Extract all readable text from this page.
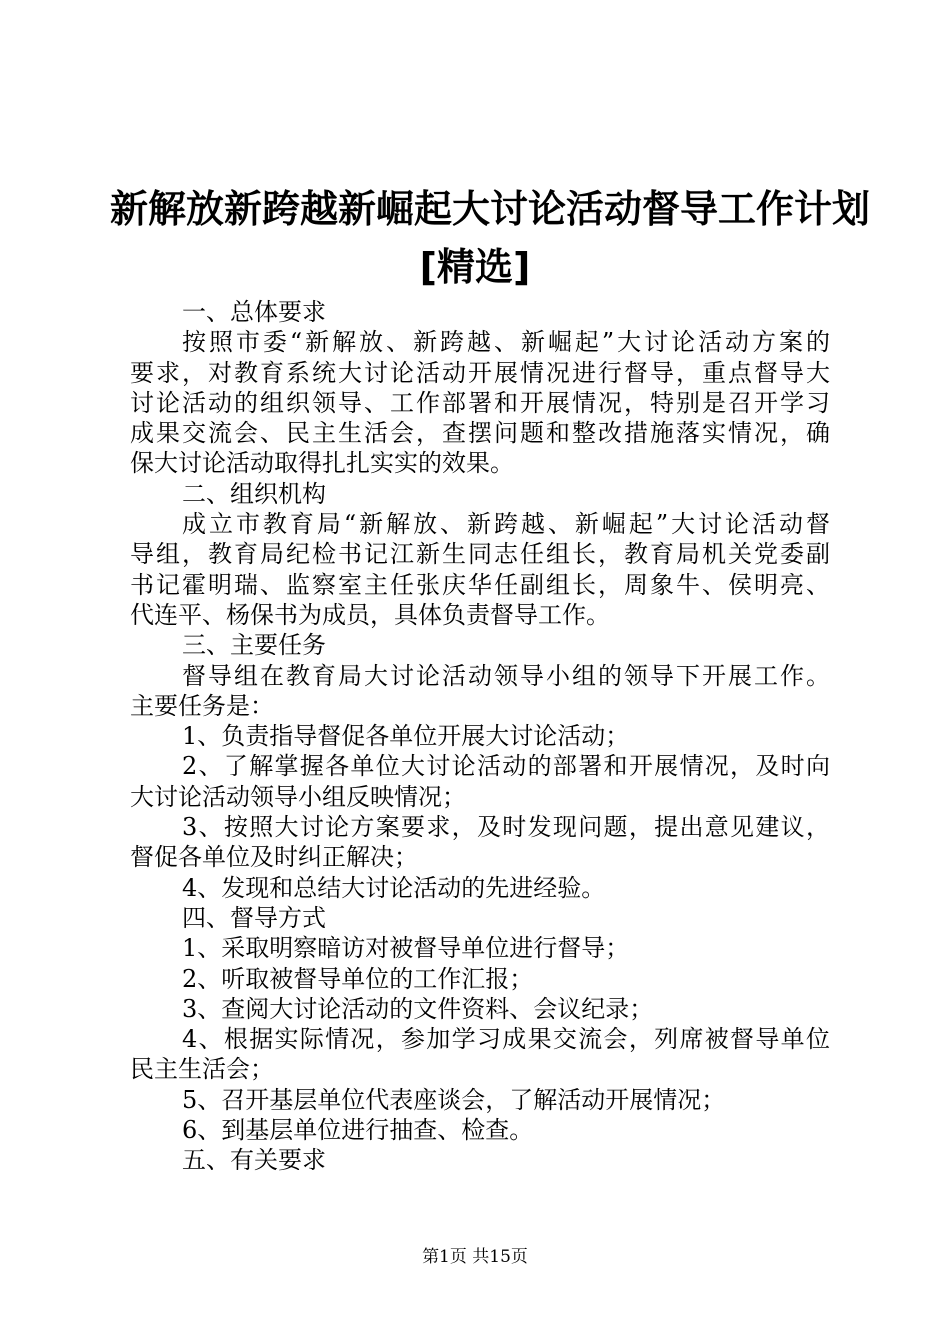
新解放新跨越新崛起大讨论活动督导工作计划
[精选]
一、总体要求
按照市委“新解放、新跨越、新崛起”大讨论活动方案的
要求，对教育系统大讨论活动开展情况进行督导，重点督导大
讨论活动的组织领导、工作部署和开展情况，特别是召开学习
成果交流会、民主生活会，查摆问题和整改措施落实情况，确
保大讨论活动取得扎扎实实的效果。
二、组织机构
成立市教育局“新解放、新跨越、新崛起”大讨论活动督
导组，教育局纪检书记江新生同志任组长，教育局机关党委副
书记霍明瑞、监察室主任张庆华任副组长，周象牛、侯明亮、
代连平、杨保书为成员，具体负责督导工作。
三、主要任务
督导组在教育局大讨论活动领导小组的领导下开展工作。
主要任务是：
1、负责指导督促各单位开展大讨论活动；
2、了解掌握各单位大讨论活动的部署和开展情况，及时向
大讨论活动领导小组反映情况；
3、按照大讨论方案要求，及时发现问题，提出意见建议，
督促各单位及时纠正解决；
4、发现和总结大讨论活动的先进经验。
四、督导方式
1、采取明察暗访对被督导单位进行督导；
2、听取被督导单位的工作汇报；
3、查阅大讨论活动的文件资料、会议纪录；
4、根据实际情况，参加学习成果交流会，列席被督导单位
民主生活会；
5、召开基层单位代表座谈会，了解活动开展情况；
6、到基层单位进行抽查、检查。
五、有关要求
第1页 共15页
